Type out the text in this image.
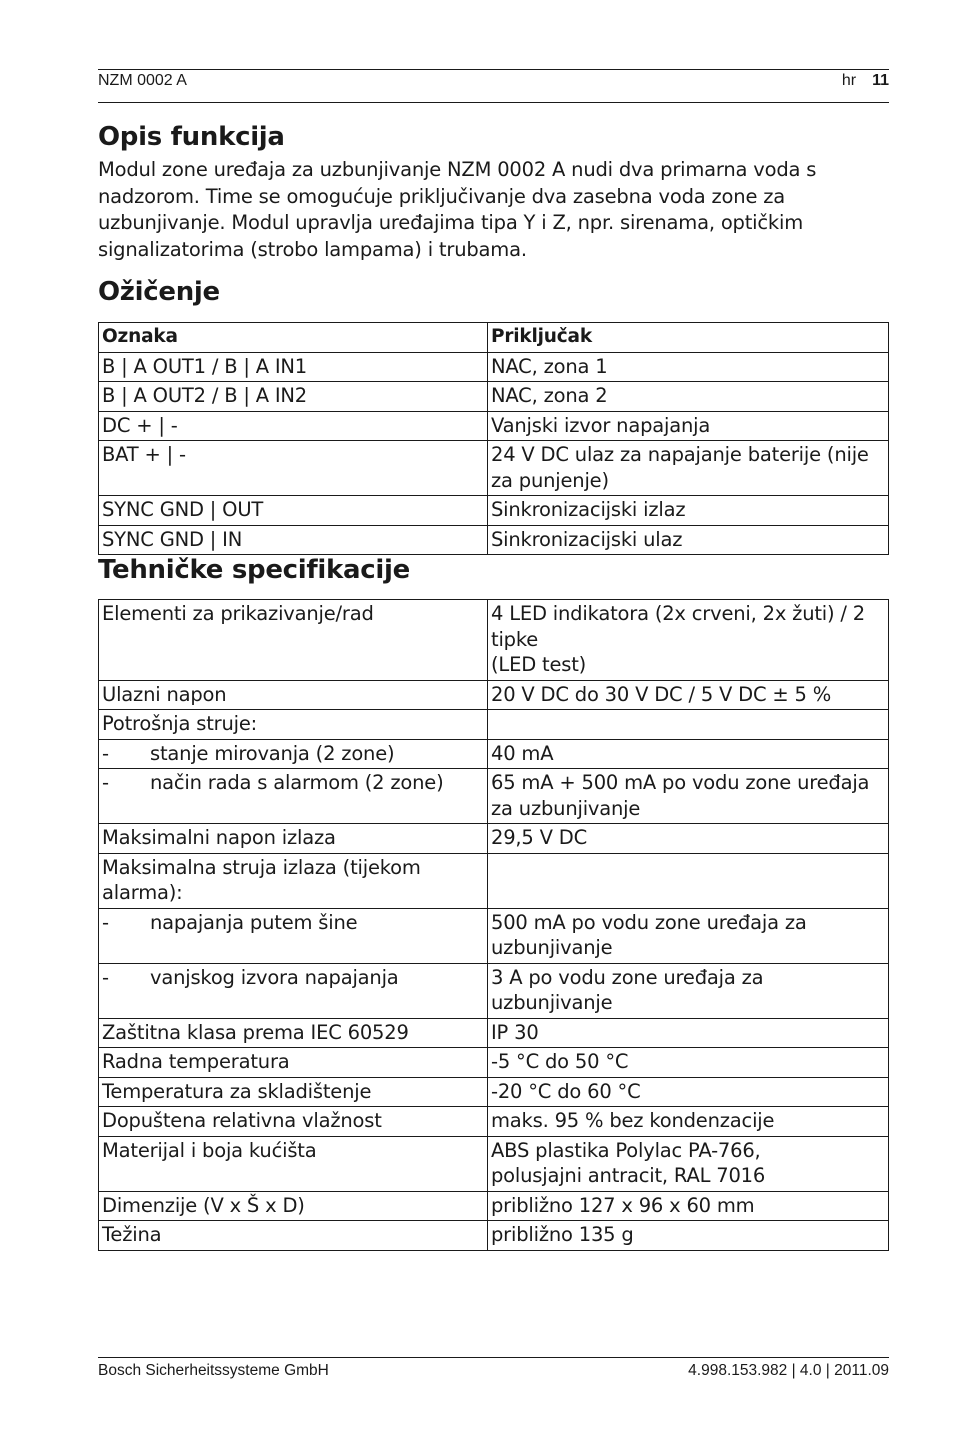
NZM 0002 A	hr 11
Opis funkcija

Modul zone uređaja za uzbunjivanje NZM 0002 A nudi dva primarna voda s nadzorom. Time se omogućuje priključivanje dva zasebna voda zone za uzbunjivanje. Modul upravlja uređajima tipa Y i Z, npr. sirenama, optičkim signalizatorima (strobo lampama) i trubama.

Ožičenje
Oznaka	Priključak
B | A OUT1 / B | A IN1	NAC, zona 1
B | A OUT2 / B | A IN2	NAC, zona 2
DC + | -	Vanjski izvor napajanja
BAT + | -	24 V DC ulaz za napajanje baterije (nije za punjenje)
SYNC GND | OUT	Sinkronizacijski izlaz
SYNC GND | IN	Sinkronizacijski ulaz
Tehničke specifikacije
Elementi za prikazivanje/rad	4 LED indikatora (2x crveni, 2x žuti) / 2 tipke
(LED test)

Ulazni napon	20 V DC do 30 V DC / 5 V DC ± 5 %

Potrošnja struje:	

- stanje mirovanja (2 zone)	40 mA

- način rada s alarmom (2 zone)	65 mA + 500 mA po vodu zone uređaja za uzbunjivanje

Maksimalni napon izlaza	29,5 V DC

Maksimalna struja izlaza (tijekom alarma):	

- napajanja putem šine	500 mA po vodu zone uređaja za uzbunjivanje

- vanjskog izvora napajanja	3 A po vodu zone uređaja za uzbunjivanje

Zaštitna klasa prema IEC 60529	IP 30

Radna temperatura	-5 °C do 50 °C

Temperatura za skladištenje	-20 °C do 60 °C

Dopuštena relativna vlažnost	maks. 95 % bez kondenzacije

Materijal i boja kućišta	ABS plastika Polylac PA-766,
polusjajni antracit, RAL 7016

Dimenzije (V x Š x D)	približno 127 x 96 x 60 mm

Težina	približno 135 g
Bosch Sicherheitssysteme GmbH	4.998.153.982 | 4.0 | 2011.09
